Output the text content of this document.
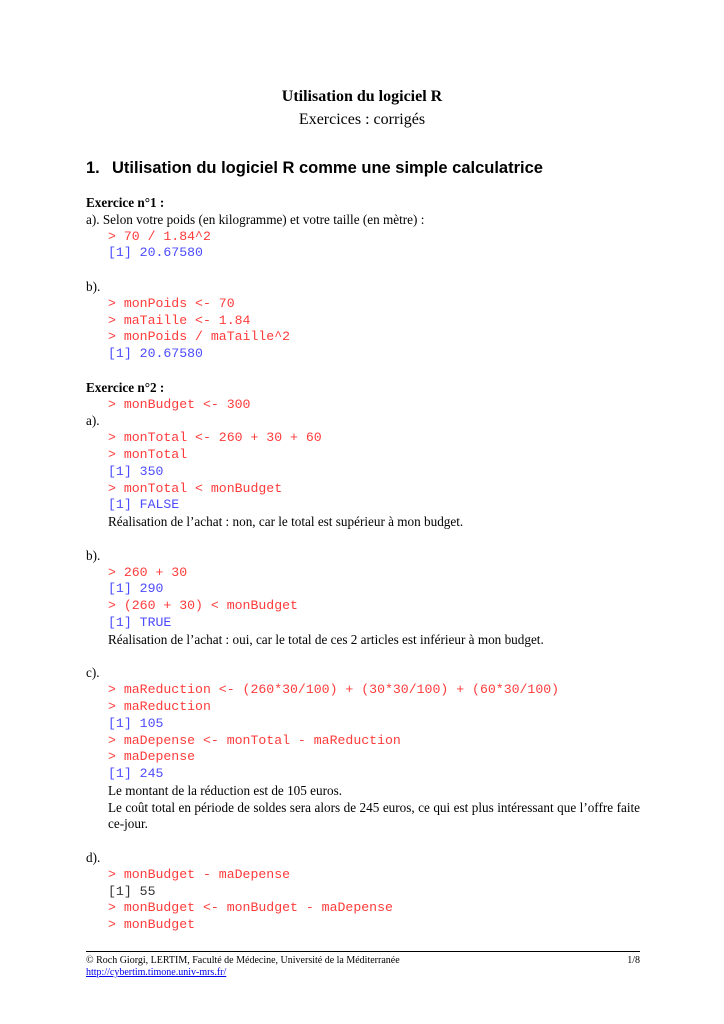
Utilisation du logiciel R
Exercices : corrigés
1. Utilisation du logiciel R comme une simple calculatrice
Exercice n°1 :
a). Selon votre poids (en kilogramme) et votre taille (en mètre) :
> 70 / 1.84^2
[1] 20.67580
b).
> monPoids <- 70
> maTaille <- 1.84
> monPoids / maTaille^2
[1] 20.67580
Exercice n°2 :
> monBudget <- 300
a).
> monTotal <- 260 + 30 + 60
> monTotal
[1] 350
> monTotal < monBudget
[1] FALSE
Réalisation de l’achat : non, car le total est supérieur à mon budget.
b).
> 260 + 30
[1] 290
> (260 + 30) < monBudget
[1] TRUE
Réalisation de l’achat : oui, car le total de ces 2 articles est inférieur à mon budget.
c).
> maReduction <- (260*30/100) + (30*30/100) + (60*30/100)
> maReduction
[1] 105
> maDepense <- monTotal - maReduction
> maDepense
[1] 245
Le montant de la réduction est de 105 euros.
Le coût total en période de soldes sera alors de 245 euros, ce qui est plus intéressant que l’offre faite ce-jour.
d).
> monBudget - maDepense
[1] 55
> monBudget <- monBudget - maDepense
> monBudget
© Roch Giorgi, LERTIM, Faculté de Médecine, Université de la Méditerranée
http://cybertim.timone.univ-mrs.fr/
1/8
